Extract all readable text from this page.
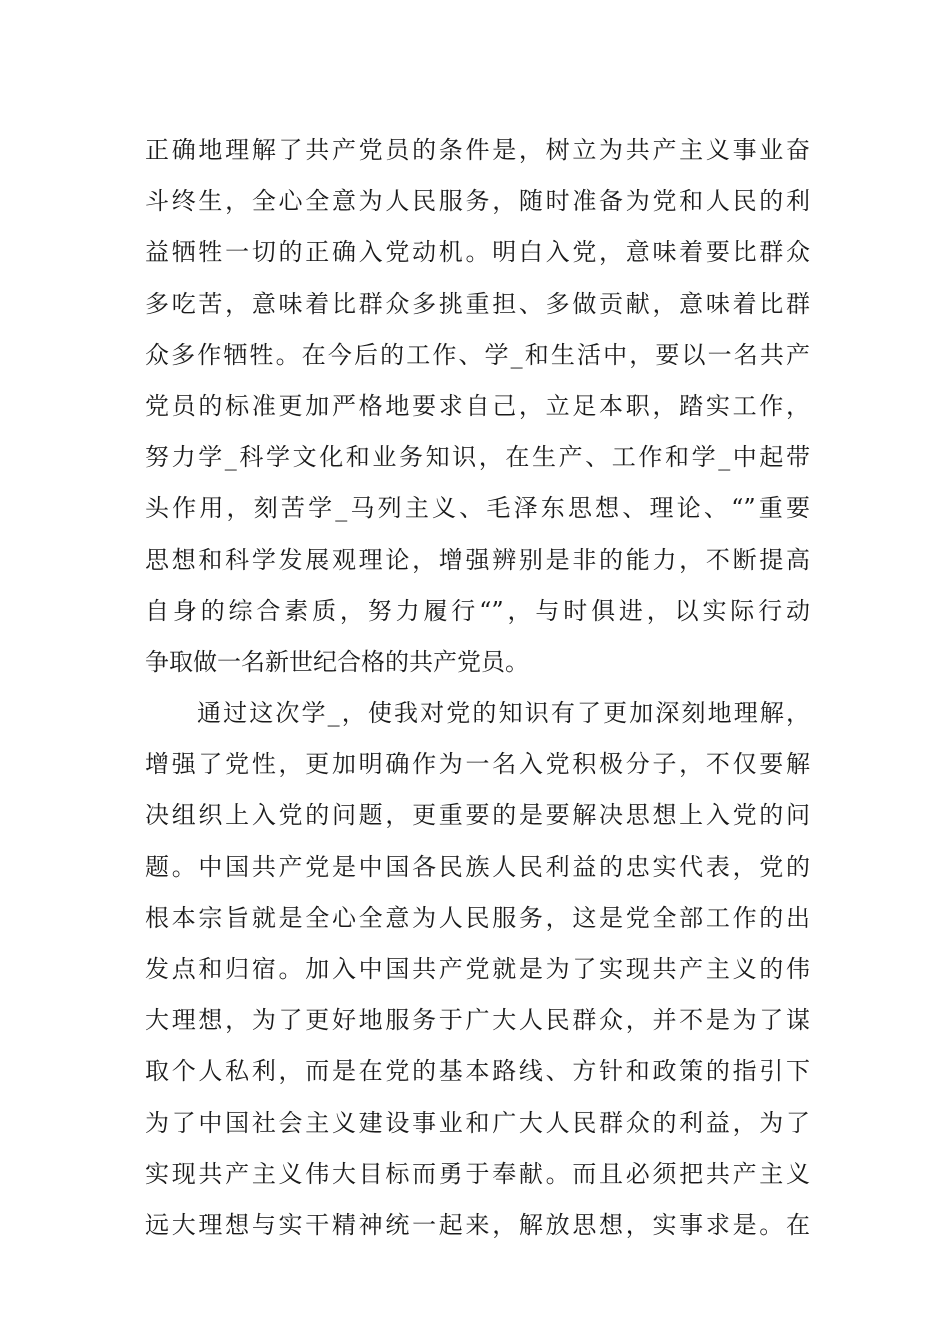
正确地理解了共产党员的条件是，树立为共产主义事业奋
斗终生，全心全意为人民服务，随时准备为党和人民的利
益牺牲一切的正确入党动机。明白入党，意味着要比群众
多吃苦，意味着比群众多挑重担、多做贡献，意味着比群
众多作牺牲。在今后的工作、学_和生活中，要以一名共产
党员的标准更加严格地要求自己，立足本职，踏实工作，
努力学_科学文化和业务知识，在生产、工作和学_中起带
头作用，刻苦学_马列主义、毛泽东思想、理论、“”重要
思想和科学发展观理论，增强辨别是非的能力，不断提高
自身的综合素质，努力履行“”，与时俱进，以实际行动
争取做一名新世纪合格的共产党员。
通过这次学_，使我对党的知识有了更加深刻地理解，
增强了党性，更加明确作为一名入党积极分子，不仅要解
决组织上入党的问题，更重要的是要解决思想上入党的问
题。中国共产党是中国各民族人民利益的忠实代表，党的
根本宗旨就是全心全意为人民服务，这是党全部工作的出
发点和归宿。加入中国共产党就是为了实现共产主义的伟
大理想，为了更好地服务于广大人民群众，并不是为了谋
取个人私利，而是在党的基本路线、方针和政策的指引下
为了中国社会主义建设事业和广大人民群众的利益，为了
实现共产主义伟大目标而勇于奉献。而且必须把共产主义
远大理想与实干精神统一起来，解放思想，实事求是。在
